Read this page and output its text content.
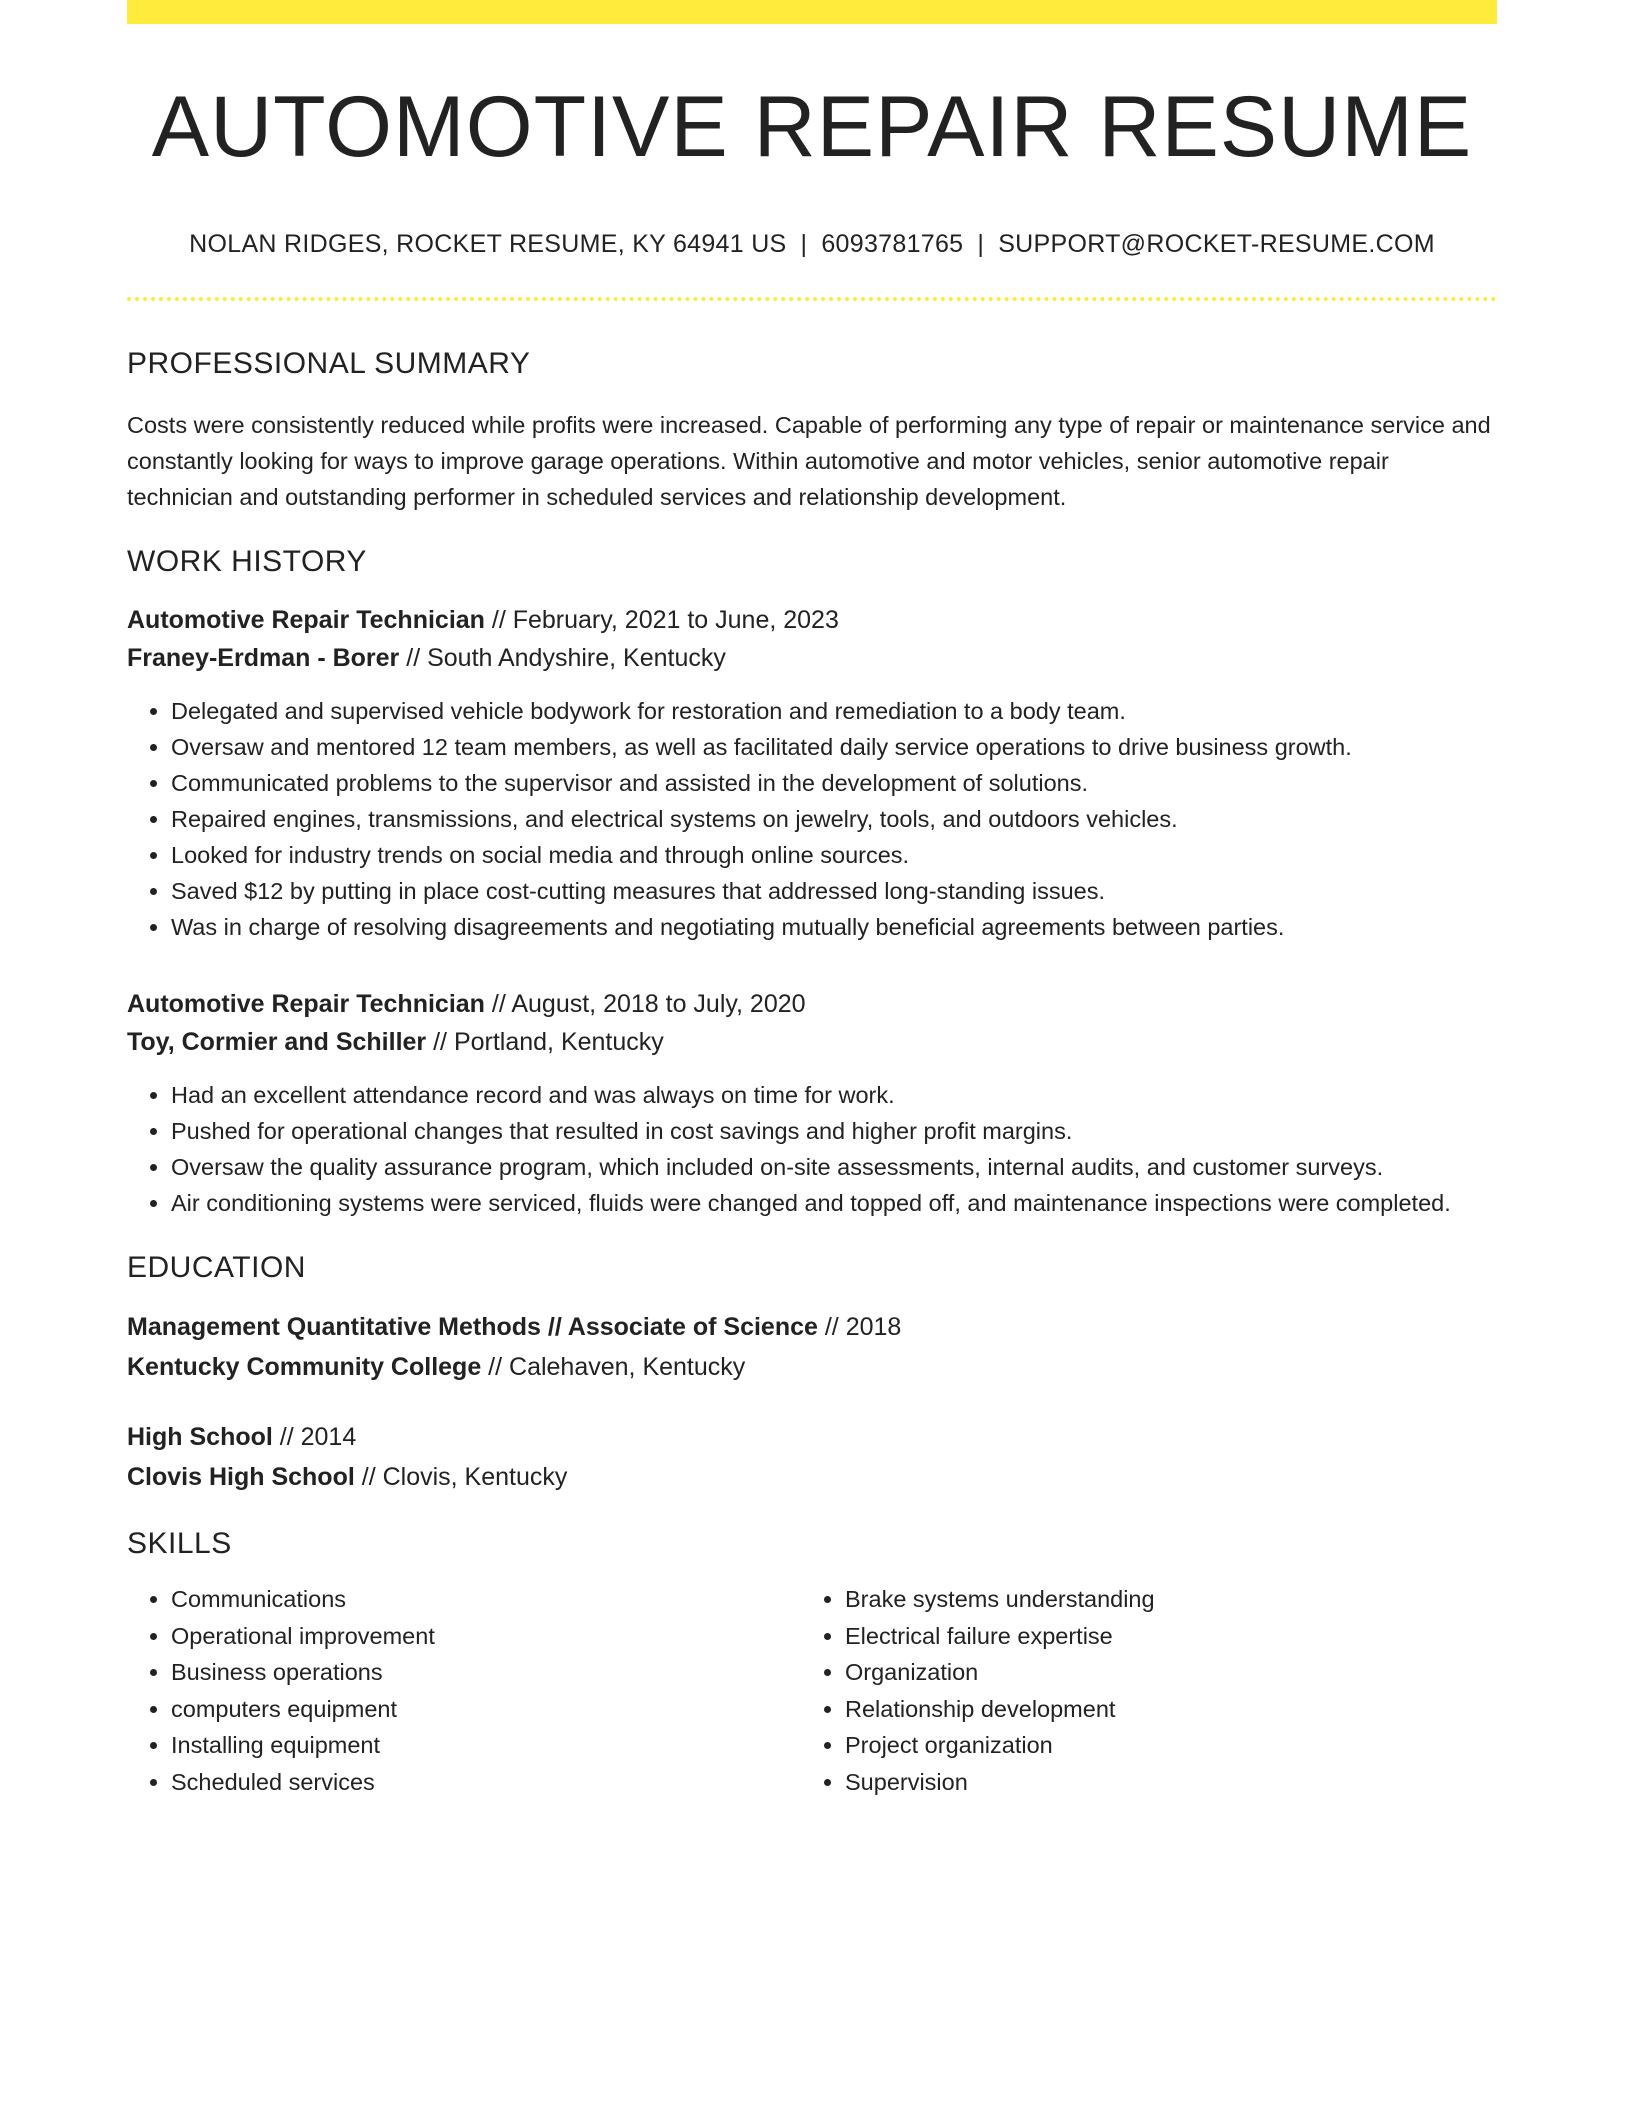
AUTOMOTIVE REPAIR RESUME
NOLAN RIDGES, ROCKET RESUME, KY 64941 US | 6093781765 | SUPPORT@ROCKET-RESUME.COM
PROFESSIONAL SUMMARY

Costs were consistently reduced while profits were increased. Capable of performing any type of repair or maintenance service and constantly looking for ways to improve garage operations. Within automotive and motor vehicles, senior automotive repair technician and outstanding performer in scheduled services and relationship development.

WORK HISTORY
Automotive Repair Technician // February, 2021 to June, 2023
Franey-Erdman - Borer // South Andyshire, Kentucky
• Delegated and supervised vehicle bodywork for restoration and remediation to a body team.
• Oversaw and mentored 12 team members, as well as facilitated daily service operations to drive business growth.
• Communicated problems to the supervisor and assisted in the development of solutions.
• Repaired engines, transmissions, and electrical systems on jewelry, tools, and outdoors vehicles.
• Looked for industry trends on social media and through online sources.
• Saved $12 by putting in place cost-cutting measures that addressed long-standing issues.
• Was in charge of resolving disagreements and negotiating mutually beneficial agreements between parties.
Automotive Repair Technician // August, 2018 to July, 2020
Toy, Cormier and Schiller // Portland, Kentucky
• Had an excellent attendance record and was always on time for work.
• Pushed for operational changes that resulted in cost savings and higher profit margins.
• Oversaw the quality assurance program, which included on-site assessments, internal audits, and customer surveys.
• Air conditioning systems were serviced, fluids were changed and topped off, and maintenance inspections were completed.
EDUCATION
Management Quantitative Methods // Associate of Science // 2018
Kentucky Community College // Calehaven, Kentucky
High School // 2014
Clovis High School // Clovis, Kentucky
SKILLS
• Communications
• Operational improvement
• Business operations
• computers equipment
• Installing equipment
• Scheduled services
• Brake systems understanding
• Electrical failure expertise
• Organization
• Relationship development
• Project organization
• Supervision
